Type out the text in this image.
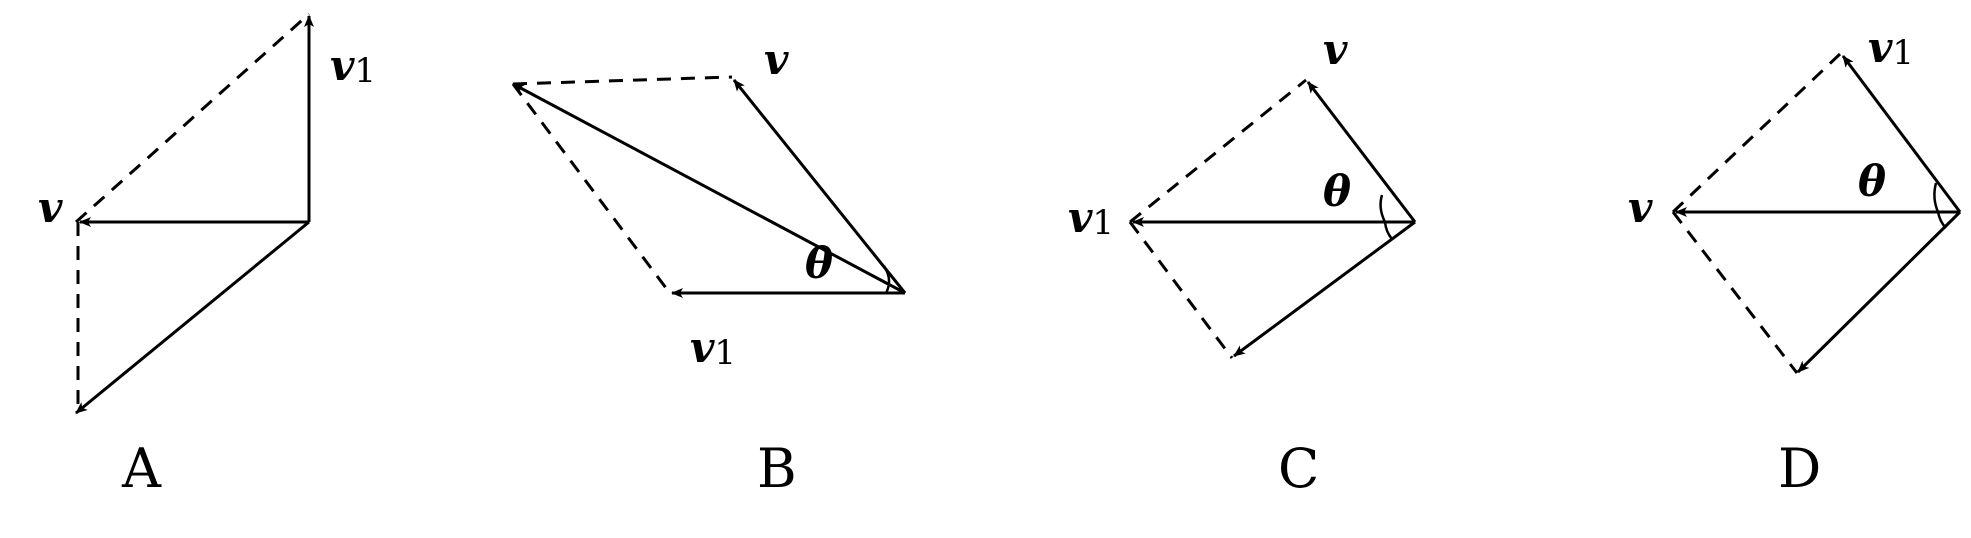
v1
v
A
v
v1
θ
B
v
v1
θ
C
v1
v
θ
D
